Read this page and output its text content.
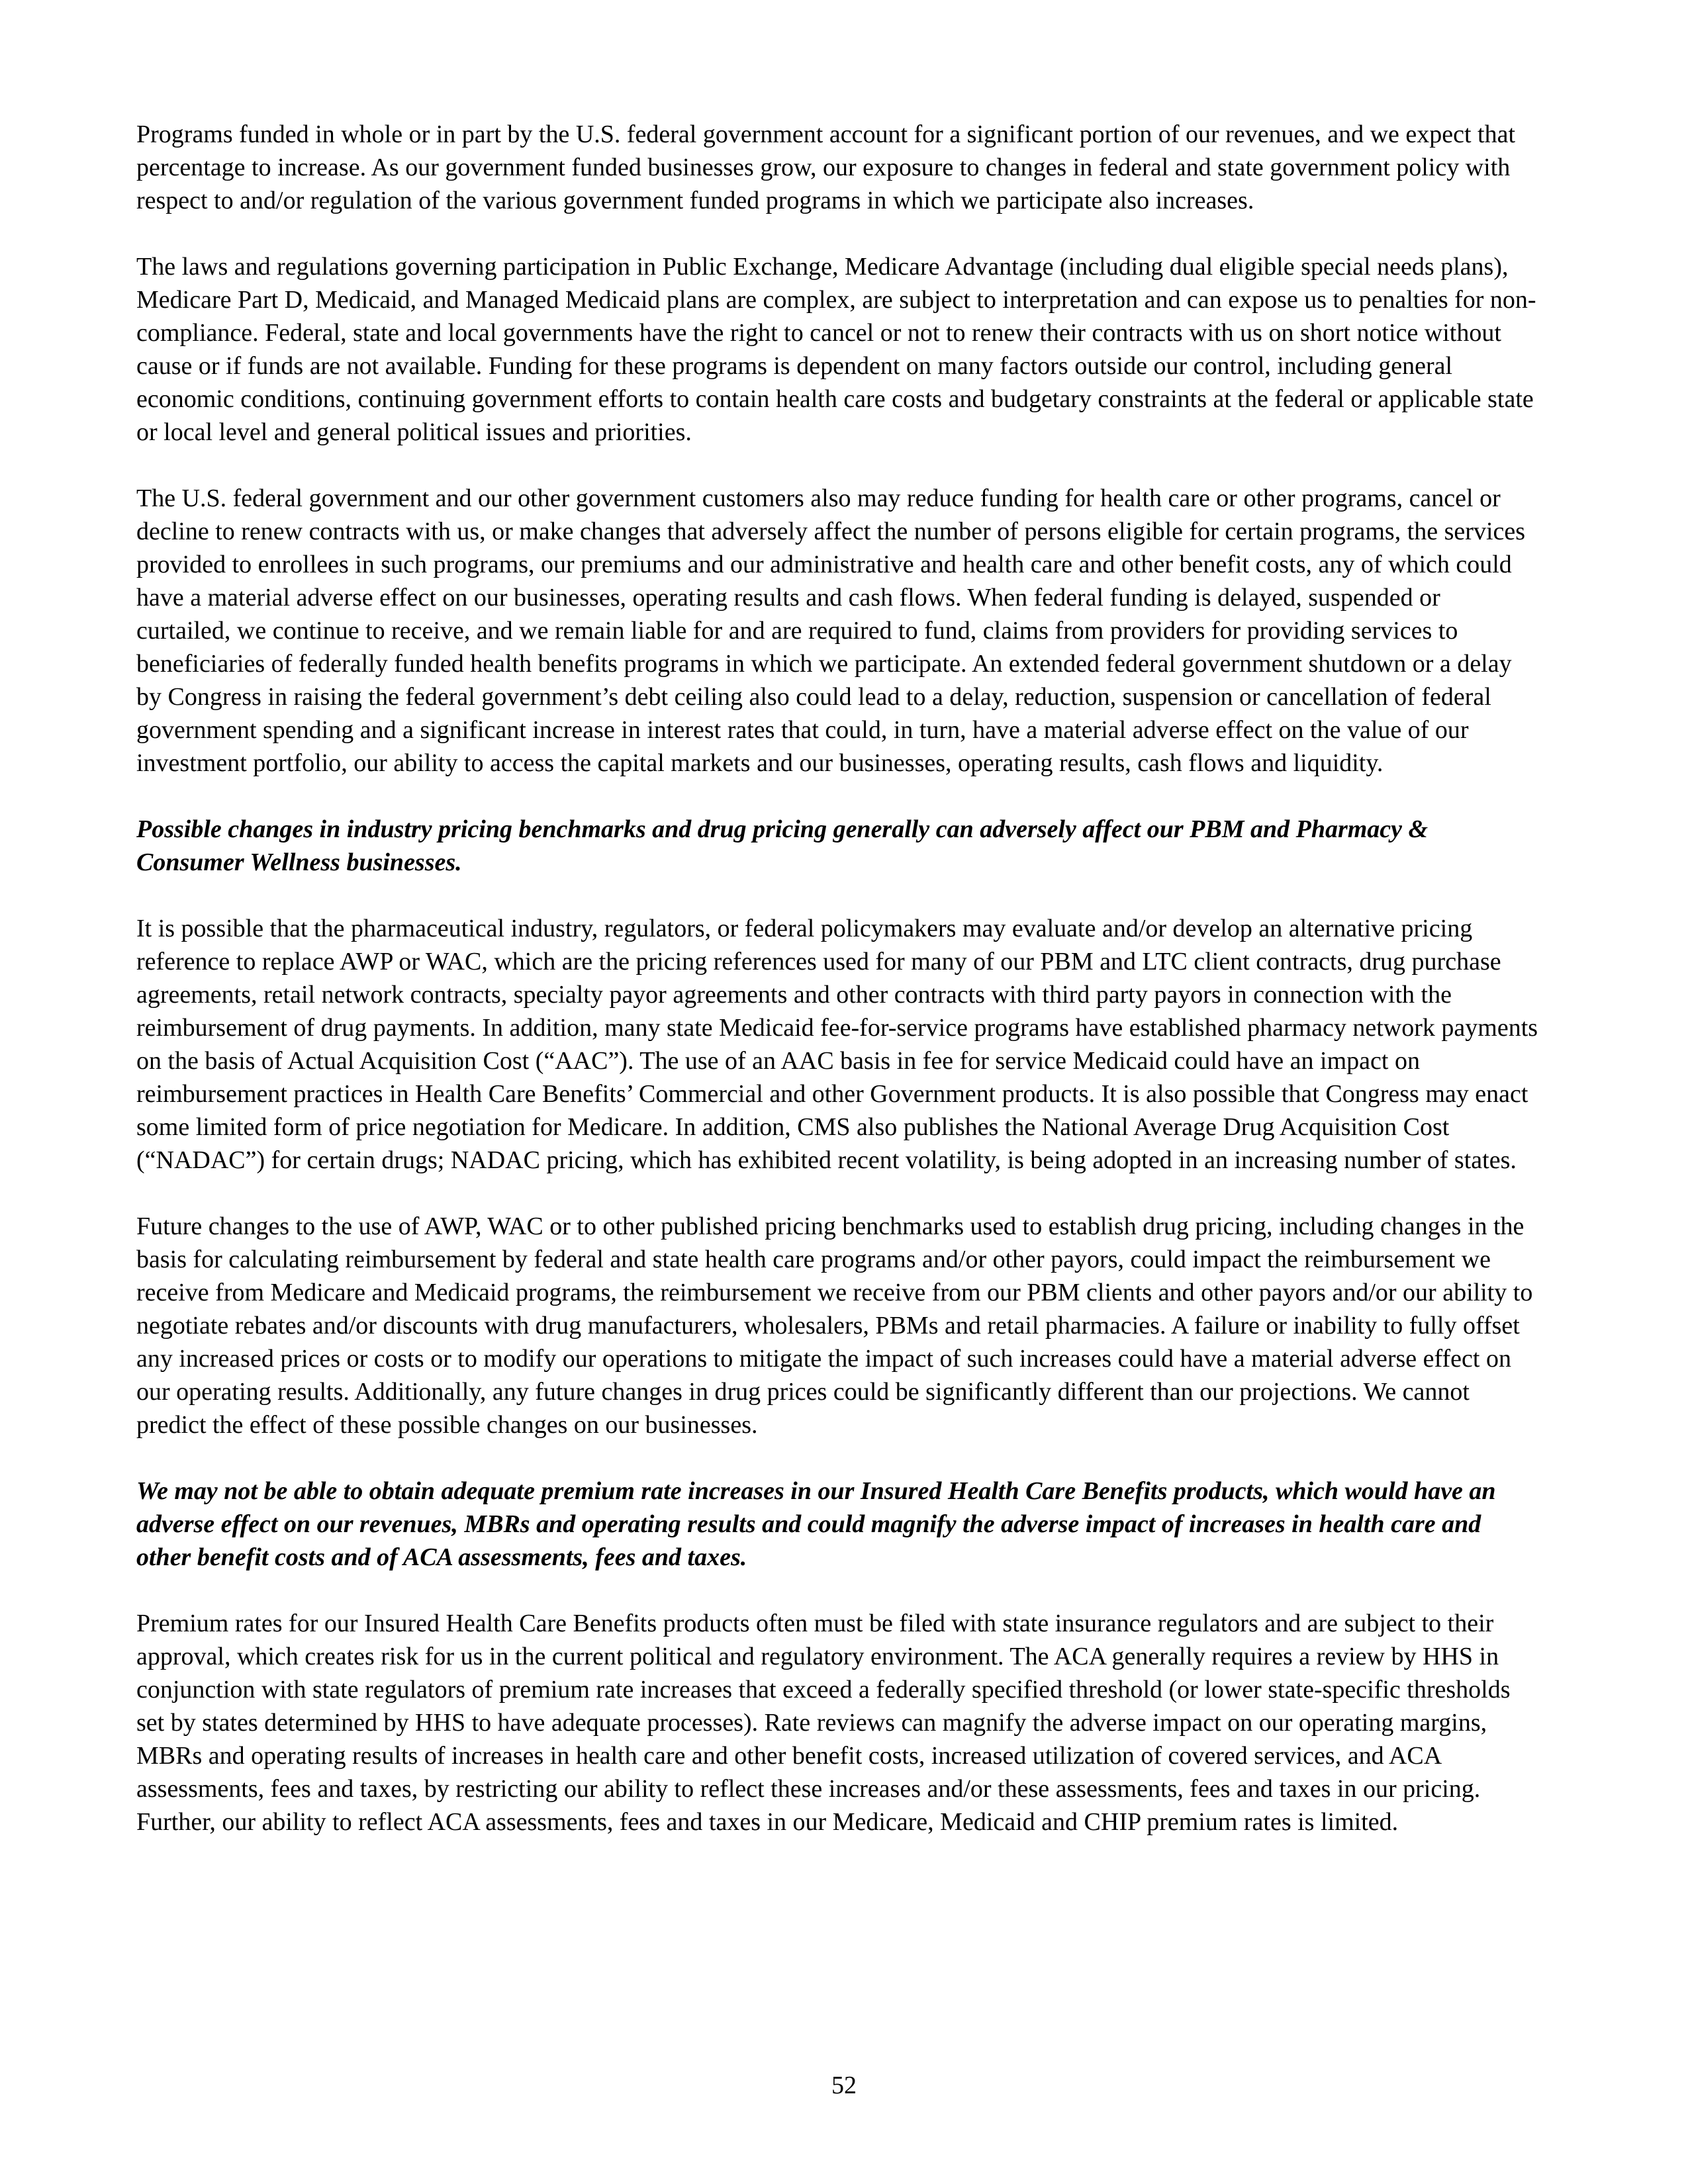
Programs funded in whole or in part by the U.S. federal government account for a significant portion of our revenues, and we expect that percentage to increase. As our government funded businesses grow, our exposure to changes in federal and state government policy with respect to and/or regulation of the various government funded programs in which we participate also increases.

The laws and regulations governing participation in Public Exchange, Medicare Advantage (including dual eligible special needs plans), Medicare Part D, Medicaid, and Managed Medicaid plans are complex, are subject to interpretation and can expose us to penalties for non-compliance. Federal, state and local governments have the right to cancel or not to renew their contracts with us on short notice without cause or if funds are not available. Funding for these programs is dependent on many factors outside our control, including general economic conditions, continuing government efforts to contain health care costs and budgetary constraints at the federal or applicable state or local level and general political issues and priorities.

The U.S. federal government and our other government customers also may reduce funding for health care or other programs, cancel or decline to renew contracts with us, or make changes that adversely affect the number of persons eligible for certain programs, the services provided to enrollees in such programs, our premiums and our administrative and health care and other benefit costs, any of which could have a material adverse effect on our businesses, operating results and cash flows. When federal funding is delayed, suspended or curtailed, we continue to receive, and we remain liable for and are required to fund, claims from providers for providing services to beneficiaries of federally funded health benefits programs in which we participate. An extended federal government shutdown or a delay by Congress in raising the federal government’s debt ceiling also could lead to a delay, reduction, suspension or cancellation of federal government spending and a significant increase in interest rates that could, in turn, have a material adverse effect on the value of our investment portfolio, our ability to access the capital markets and our businesses, operating results, cash flows and liquidity.

Possible changes in industry pricing benchmarks and drug pricing generally can adversely affect our PBM and Pharmacy & Consumer Wellness businesses.

It is possible that the pharmaceutical industry, regulators, or federal policymakers may evaluate and/or develop an alternative pricing reference to replace AWP or WAC, which are the pricing references used for many of our PBM and LTC client contracts, drug purchase agreements, retail network contracts, specialty payor agreements and other contracts with third party payors in connection with the reimbursement of drug payments. In addition, many state Medicaid fee-for-service programs have established pharmacy network payments on the basis of Actual Acquisition Cost (“AAC”). The use of an AAC basis in fee for service Medicaid could have an impact on reimbursement practices in Health Care Benefits’ Commercial and other Government products. It is also possible that Congress may enact some limited form of price negotiation for Medicare. In addition, CMS also publishes the National Average Drug Acquisition Cost (“NADAC”) for certain drugs; NADAC pricing, which has exhibited recent volatility, is being adopted in an increasing number of states.

Future changes to the use of AWP, WAC or to other published pricing benchmarks used to establish drug pricing, including changes in the basis for calculating reimbursement by federal and state health care programs and/or other payors, could impact the reimbursement we receive from Medicare and Medicaid programs, the reimbursement we receive from our PBM clients and other payors and/or our ability to negotiate rebates and/or discounts with drug manufacturers, wholesalers, PBMs and retail pharmacies. A failure or inability to fully offset any increased prices or costs or to modify our operations to mitigate the impact of such increases could have a material adverse effect on our operating results. Additionally, any future changes in drug prices could be significantly different than our projections. We cannot predict the effect of these possible changes on our businesses.

We may not be able to obtain adequate premium rate increases in our Insured Health Care Benefits products, which would have an adverse effect on our revenues, MBRs and operating results and could magnify the adverse impact of increases in health care and other benefit costs and of ACA assessments, fees and taxes.

Premium rates for our Insured Health Care Benefits products often must be filed with state insurance regulators and are subject to their approval, which creates risk for us in the current political and regulatory environment. The ACA generally requires a review by HHS in conjunction with state regulators of premium rate increases that exceed a federally specified threshold (or lower state-specific thresholds set by states determined by HHS to have adequate processes). Rate reviews can magnify the adverse impact on our operating margins, MBRs and operating results of increases in health care and other benefit costs, increased utilization of covered services, and ACA assessments, fees and taxes, by restricting our ability to reflect these increases and/or these assessments, fees and taxes in our pricing. Further, our ability to reflect ACA assessments, fees and taxes in our Medicare, Medicaid and CHIP premium rates is limited.

52
